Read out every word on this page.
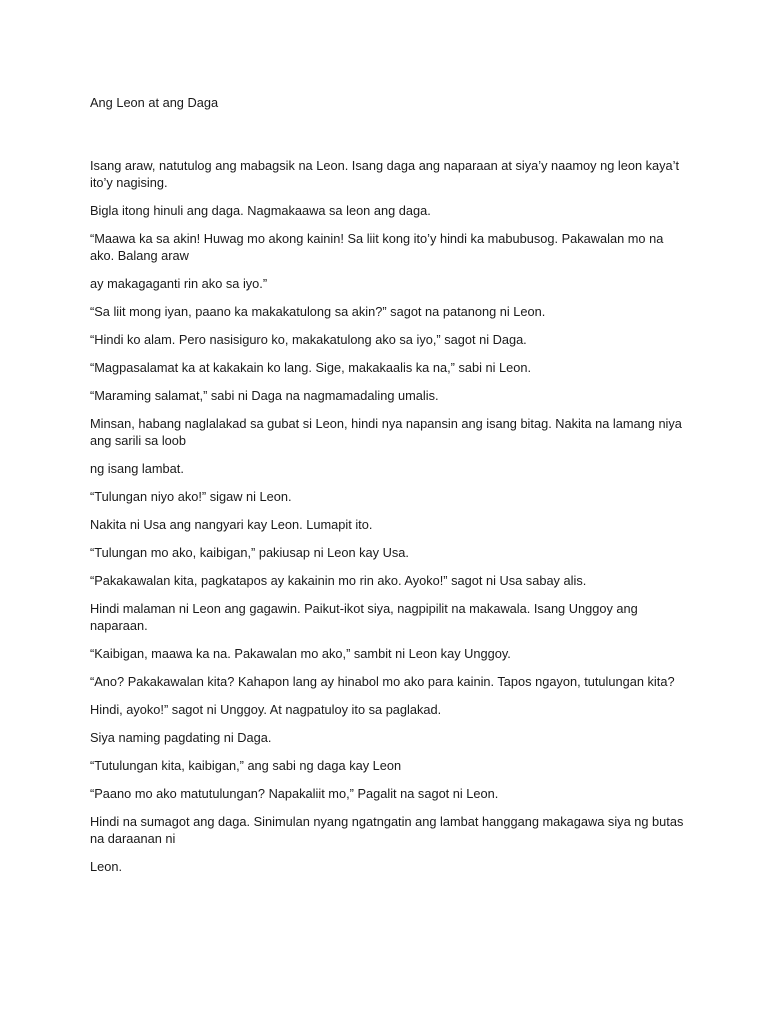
Ang Leon at ang Daga

Isang araw, natutulog ang mabagsik na Leon. Isang daga ang naparaan at siya’y naamoy ng leon kaya’t ito’y nagising.

Bigla itong hinuli ang daga. Nagmakaawa sa leon ang daga.

“Maawa ka sa akin! Huwag mo akong kainin! Sa liit kong ito’y hindi ka mabubusog. Pakawalan mo na ako. Balang araw

ay makagaganti rin ako sa iyo.”

“Sa liit mong iyan, paano ka makakatulong sa akin?” sagot na patanong ni Leon.

“Hindi ko alam. Pero nasisiguro ko, makakatulong ako sa iyo,” sagot ni Daga.

“Magpasalamat ka at kakakain ko lang. Sige, makakaalis ka na,” sabi ni Leon.

“Maraming salamat,” sabi ni Daga na nagmamadaling umalis.

Minsan, habang naglalakad sa gubat si Leon, hindi nya napansin ang isang bitag. Nakita na lamang niya ang sarili sa loob

ng isang lambat.

“Tulungan niyo ako!” sigaw ni Leon.

Nakita ni Usa ang nangyari kay Leon. Lumapit ito.

“Tulungan mo ako, kaibigan,” pakiusap ni Leon kay Usa.

“Pakakawalan kita, pagkatapos ay kakainin mo rin ako. Ayoko!” sagot ni Usa sabay alis.

Hindi malaman ni Leon ang gagawin. Paikut-ikot siya, nagpipilit na makawala. Isang Unggoy ang naparaan.

“Kaibigan, maawa ka na. Pakawalan mo ako,” sambit ni Leon kay Unggoy.

“Ano? Pakakawalan kita? Kahapon lang ay hinabol mo ako para kainin. Tapos ngayon, tutulungan kita?

Hindi, ayoko!” sagot ni Unggoy. At nagpatuloy ito sa paglakad.

Siya naming pagdating ni Daga.

“Tutulungan kita, kaibigan,” ang sabi ng daga kay Leon

“Paano mo ako matutulungan? Napakaliit mo,” Pagalit na sagot ni Leon.

Hindi na sumagot ang daga. Sinimulan nyang ngatngatin ang lambat hanggang makagawa siya ng butas na daraanan ni

Leon.
